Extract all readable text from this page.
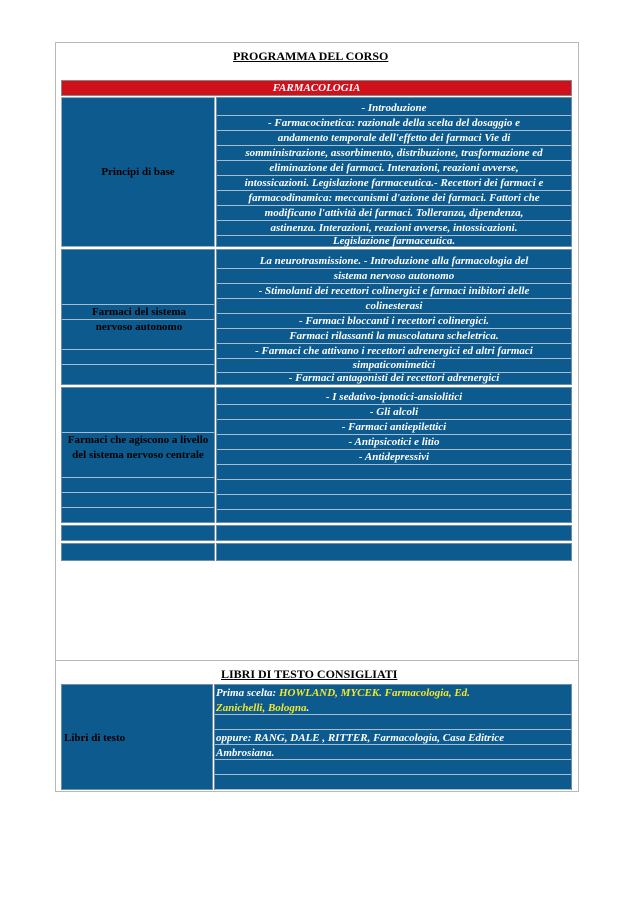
PROGRAMMA DEL CORSO
FARMACOLOGIA
Principi di base
- Introduzione
- Farmacocinetica: razionale della scelta del dosaggio e
andamento temporale dell'effetto dei farmaci Vie di
somministrazione, assorbimento, distribuzione, trasformazione ed
eliminazione dei farmaci. Interazioni, reazioni avverse,
intossicazioni. Legislazione farmaceutica.- Recettori dei farmaci e
farmacodinamica: meccanismi d'azione dei farmaci. Fattori che
modificano l'attività dei farmaci. Tolleranza, dipendenza,
astinenza. Interazioni, reazioni avverse, intossicazioni.
Legislazione farmaceutica.
Farmaci del sistema nervoso autonomo
La neurotrasmissione. - Introduzione alla farmacologia del
sistema nervoso autonomo
- Stimolanti dei recettori colinergici e farmaci inibitori delle
colinesterasi
- Farmaci bloccanti i recettori colinergici.
Farmaci rilassanti la muscolatura scheletrica.
- Farmaci che attivano i recettori adrenergici ed altri farmaci
simpaticomimetici
- Farmaci antagonisti dei recettori adrenergici
Farmaci che agiscono a livello del sistema nervoso centrale
- I sedativo-ipnotici-ansiolitici
- Gli alcoli
- Farmaci antiepilettici
- Antipsicotici e litio
- Antidepressivi
LIBRI DI TESTO CONSIGLIATI
Libri di testo
Prima scelta: HOWLAND, MYCEK. Farmacologia, Ed.
Zanichelli, Bologna.
oppure: RANG, DALE , RITTER, Farmacologia, Casa Editrice
Ambrosiana.
